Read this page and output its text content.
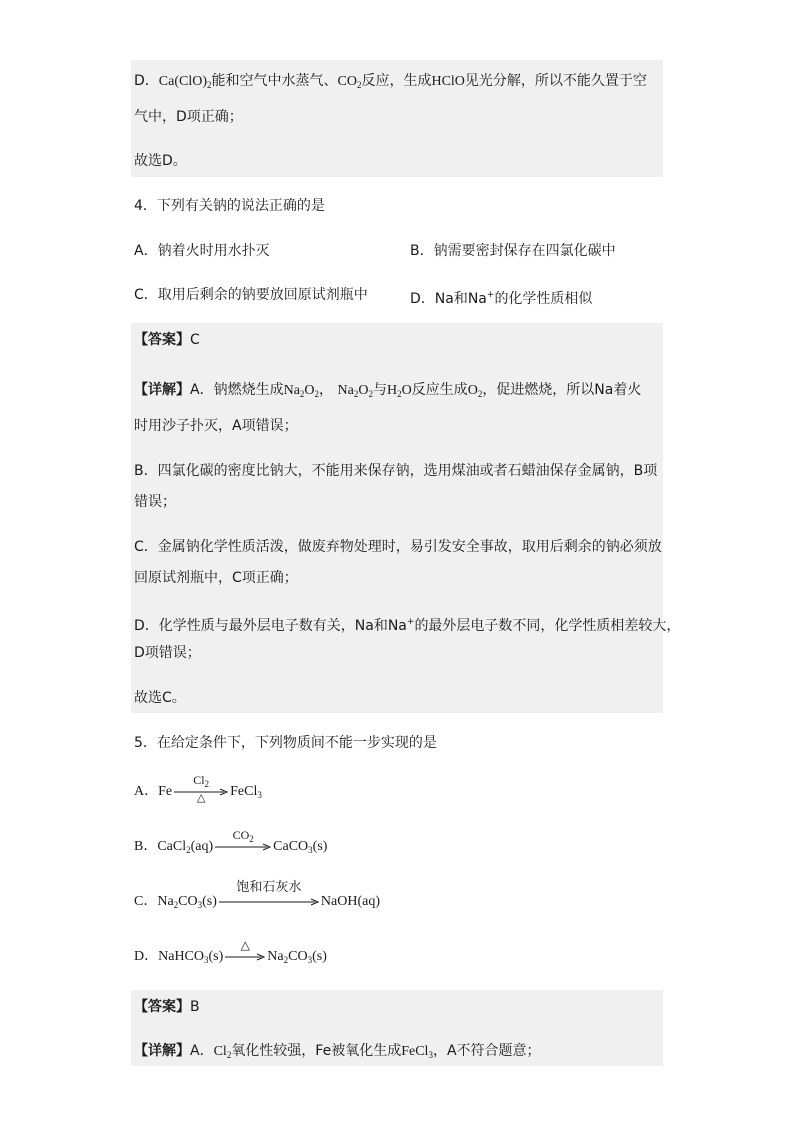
D．$Ca(ClO)_2$能和空气中水蒸气、$CO_2$反应，生成HClO见光分解，所以不能久置于空
气中，D项正确；
故选D。
4．下列有关钠的说法正确的是
A．钠着火时用水扑灭	B．钠需要密封保存在四氯化碳中
C．取用后剩余的钠要放回原试剂瓶中	D．Na和Na+的化学性质相似
【答案】C
【详解】A．钠燃烧生成$Na_2O_2$， $Na_2O_2$与$H_2O$反应生成$O_2$，促进燃烧，所以Na着火
时用沙子扑灭，A项错误；
B．四氯化碳的密度比钠大，不能用来保存钠，选用煤油或者石蜡油保存金属钠，B项
错误；
C．金属钠化学性质活泼，做废弃物处理时，易引发安全事故，取用后剩余的钠必须放
回原试剂瓶中，C项正确；
D．化学性质与最外层电子数有关，Na和Na+的最外层电子数不同，化学性质相差较大，
D项错误；
故选C。
5．在给定条件下，下列物质间不能一步实现的是
A．Fe
$Cl_2$
△	FeCl$_3$
B．CaCl$_2$(aq)
$CO_2$
CaCO$_3$(s)
C．$Na_2CO_3(s)$
饱和石灰水
NaOH(aq)
D．NaHCO$_3$(s)
△
$Na_2CO_3(s)$
【答案】B
【详解】A．$Cl_2$氧化性较强，Fe被氧化生成FeCl$_3$，A不符合题意；
